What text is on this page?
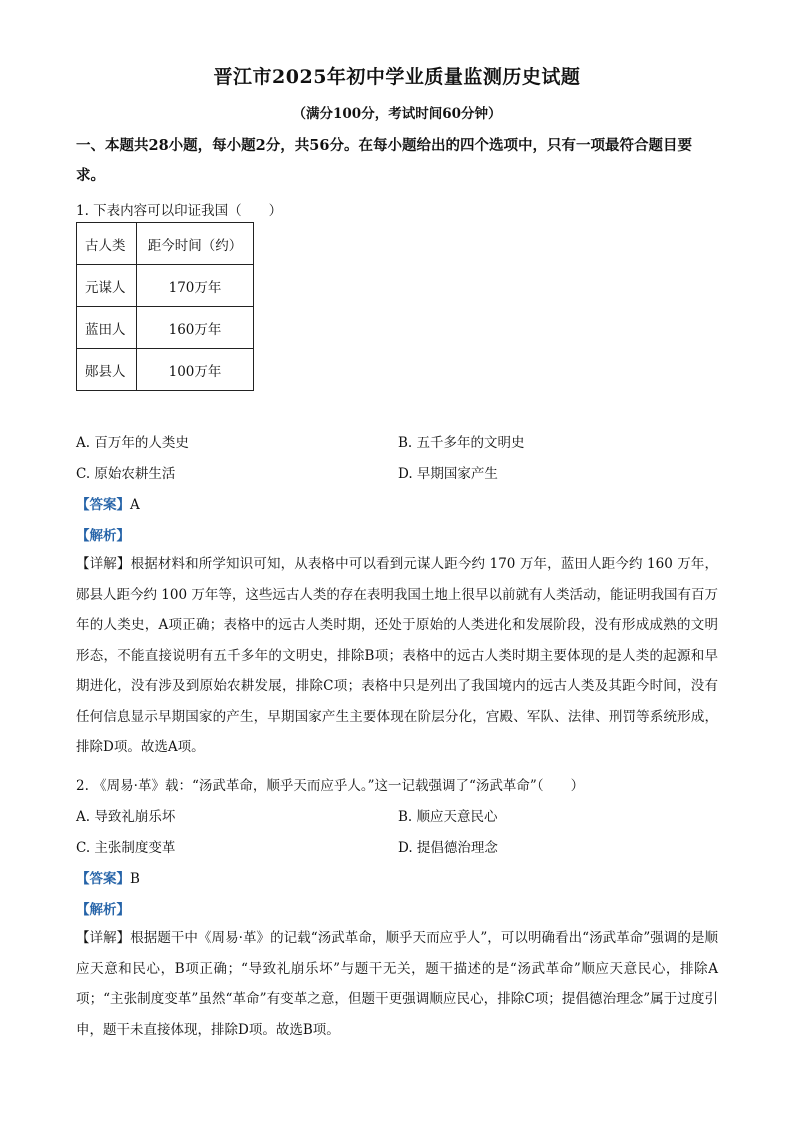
晋江市2025年初中学业质量监测历史试题
（满分100分，考试时间60分钟）
一、本题共28小题，每小题2分，共56分。在每小题给出的四个选项中，只有一项最符合题目要求。
1. 下表内容可以印证我国（　　）
古人类	距今时间（约）
元谋人	170万年
蓝田人	160万年
郧县人	100万年
A. 百万年的人类史	B. 五千多年的文明史
C. 原始农耕生活	D. 早期国家产生
【答案】A
【解析】
【详解】根据材料和所学知识可知，从表格中可以看到元谋人距今约 170 万年，蓝田人距今约 160 万年，郧县人距今约 100 万年等，这些远古人类的存在表明我国土地上很早以前就有人类活动，能证明我国有百万年的人类史，A项正确；表格中的远古人类时期，还处于原始的人类进化和发展阶段，没有形成成熟的文明形态，不能直接说明有五千多年的文明史，排除B项；表格中的远古人类时期主要体现的是人类的起源和早期进化，没有涉及到原始农耕发展，排除C项；表格中只是列出了我国境内的远古人类及其距今时间，没有任何信息显示早期国家的产生，早期国家产生主要体现在阶层分化，宫殿、军队、法律、刑罚等系统形成，排除D项。故选A项。
2. 《周易·革》载：“汤武革命，顺乎天而应乎人。”这一记载强调了“汤武革命”（　　）
A. 导致礼崩乐坏	B. 顺应天意民心
C. 主张制度变革	D. 提倡德治理念
【答案】B
【解析】
【详解】根据题干中《周易·革》的记载“汤武革命，顺乎天而应乎人”，可以明确看出“汤武革命”强调的是顺应天意和民心，B项正确；“导致礼崩乐坏”与题干无关，题干描述的是“汤武革命”顺应天意民心，排除A项；“主张制度变革”虽然“革命”有变革之意，但题干更强调顺应民心，排除C项；提倡德治理念”属于过度引申，题干未直接体现，排除D项。故选B项。
